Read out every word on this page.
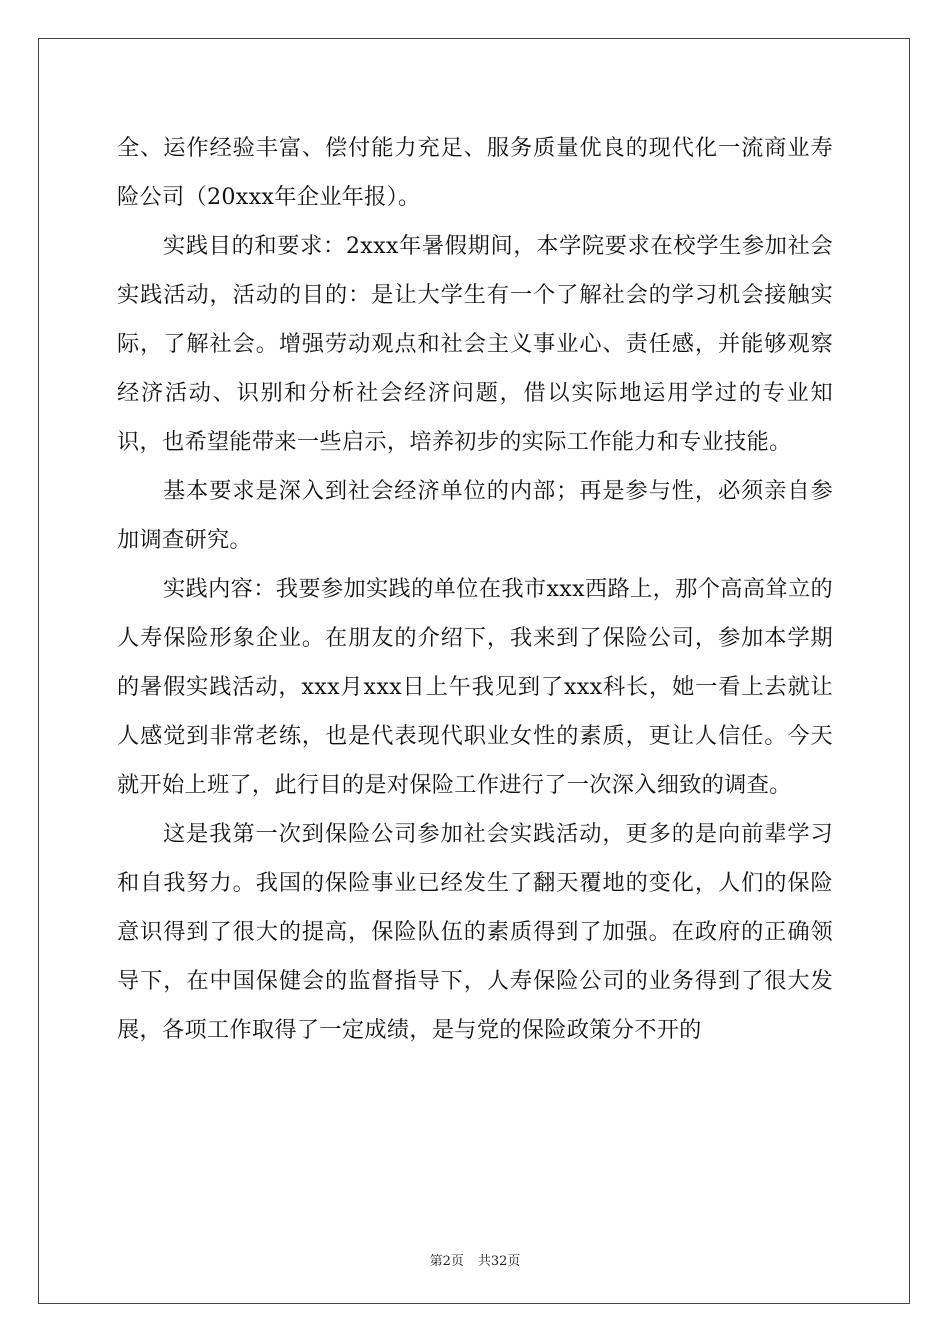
全、运作经验丰富、偿付能力充足、服务质量优良的现代化一流商业寿险公司（20xxx年企业年报）。

实践目的和要求：2xxx年暑假期间，本学院要求在校学生参加社会实践活动，活动的目的：是让大学生有一个了解社会的学习机会接触实际，了解社会。增强劳动观点和社会主义事业心、责任感，并能够观察经济活动、识别和分析社会经济问题，借以实际地运用学过的专业知识，也希望能带来一些启示，培养初步的实际工作能力和专业技能。

基本要求是深入到社会经济单位的内部；再是参与性，必须亲自参加调查研究。

实践内容：我要参加实践的单位在我市xxx西路上，那个高高耸立的人寿保险形象企业。在朋友的介绍下，我来到了保险公司，参加本学期的暑假实践活动，xxx月xxx日上午我见到了xxx科长，她一看上去就让人感觉到非常老练，也是代表现代职业女性的素质，更让人信任。今天就开始上班了，此行目的是对保险工作进行了一次深入细致的调查。

这是我第一次到保险公司参加社会实践活动，更多的是向前辈学习和自我努力。我国的保险事业已经发生了翻天覆地的变化，人们的保险意识得到了很大的提高，保险队伍的素质得到了加强。在政府的正确领导下，在中国保健会的监督指导下，人寿保险公司的业务得到了很大发展，各项工作取得了一定成绩，是与党的保险政策分不开的

第2页 共32页
